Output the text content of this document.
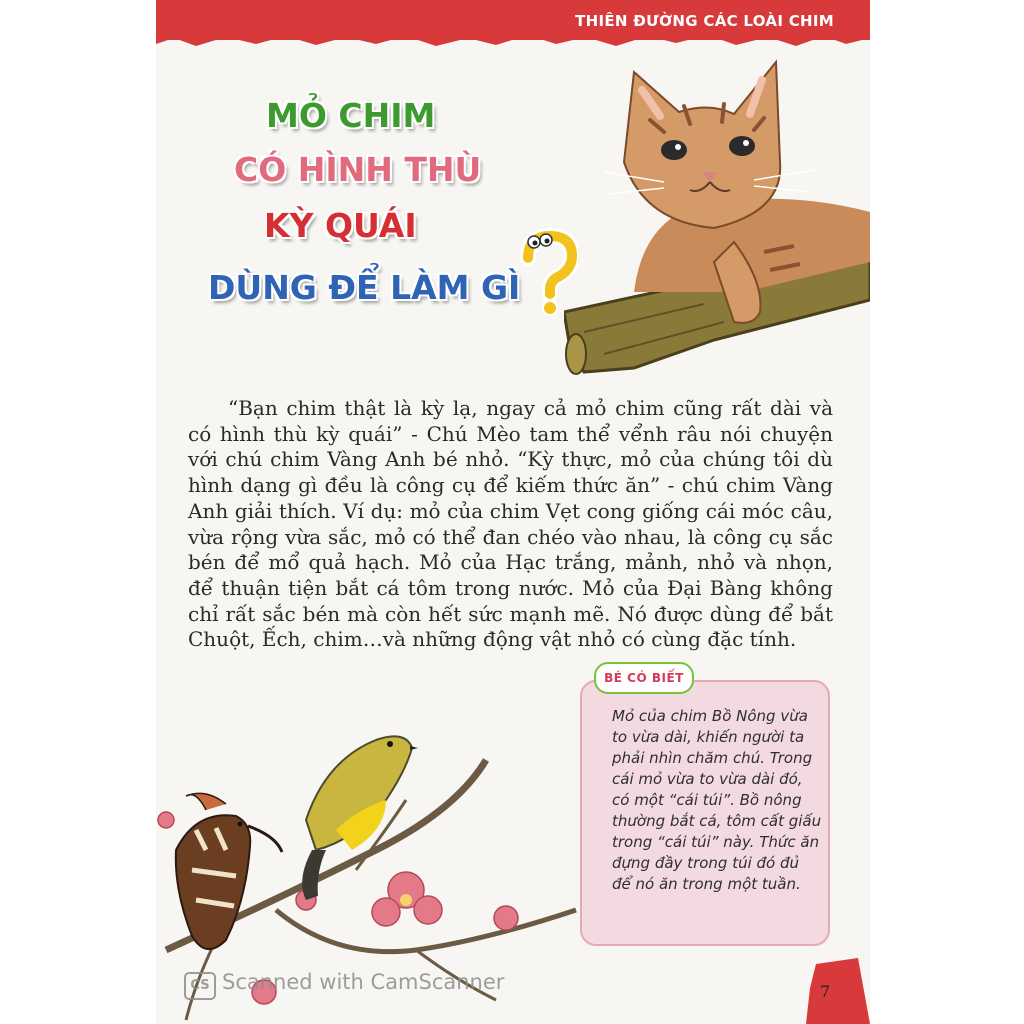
THIÊN ĐƯỜNG CÁC LOÀI CHIM
MỎ CHIM
CÓ HÌNH THÙ
KỲ QUÁI
DÙNG ĐỂ LÀM GÌ
“Bạn chim thật là kỳ lạ, ngay cả mỏ chim cũng rất dài và có hình thù kỳ quái” - Chú Mèo tam thể vểnh râu nói chuyện với chú chim Vàng Anh bé nhỏ. “Kỳ thực, mỏ của chúng tôi dù hình dạng gì đều là công cụ để kiếm thức ăn” - chú chim Vàng Anh giải thích. Ví dụ: mỏ của chim Vẹt cong giống cái móc câu, vừa rộng vừa sắc, mỏ có thể đan chéo vào nhau, là công cụ sắc bén để mổ quả hạch. Mỏ của Hạc trắng, mảnh, nhỏ và nhọn, để thuận tiện bắt cá tôm trong nước. Mỏ của Đại Bàng không chỉ rất sắc bén mà còn hết sức mạnh mẽ. Nó được dùng để bắt Chuột, Ếch, chim…và những động vật nhỏ có cùng đặc tính.
BÉ CÓ BIẾT
Mỏ của chim Bồ Nông vừa to vừa dài, khiến người ta phải nhìn chăm chú. Trong cái mỏ vừa to vừa dài đó, có một “cái túi”. Bồ nông thường bắt cá, tôm cất giấu trong “cái túi” này. Thức ăn đựng đầy trong túi đó đủ để nó ăn trong một tuần.
7
CS Scanned with CamScanner
